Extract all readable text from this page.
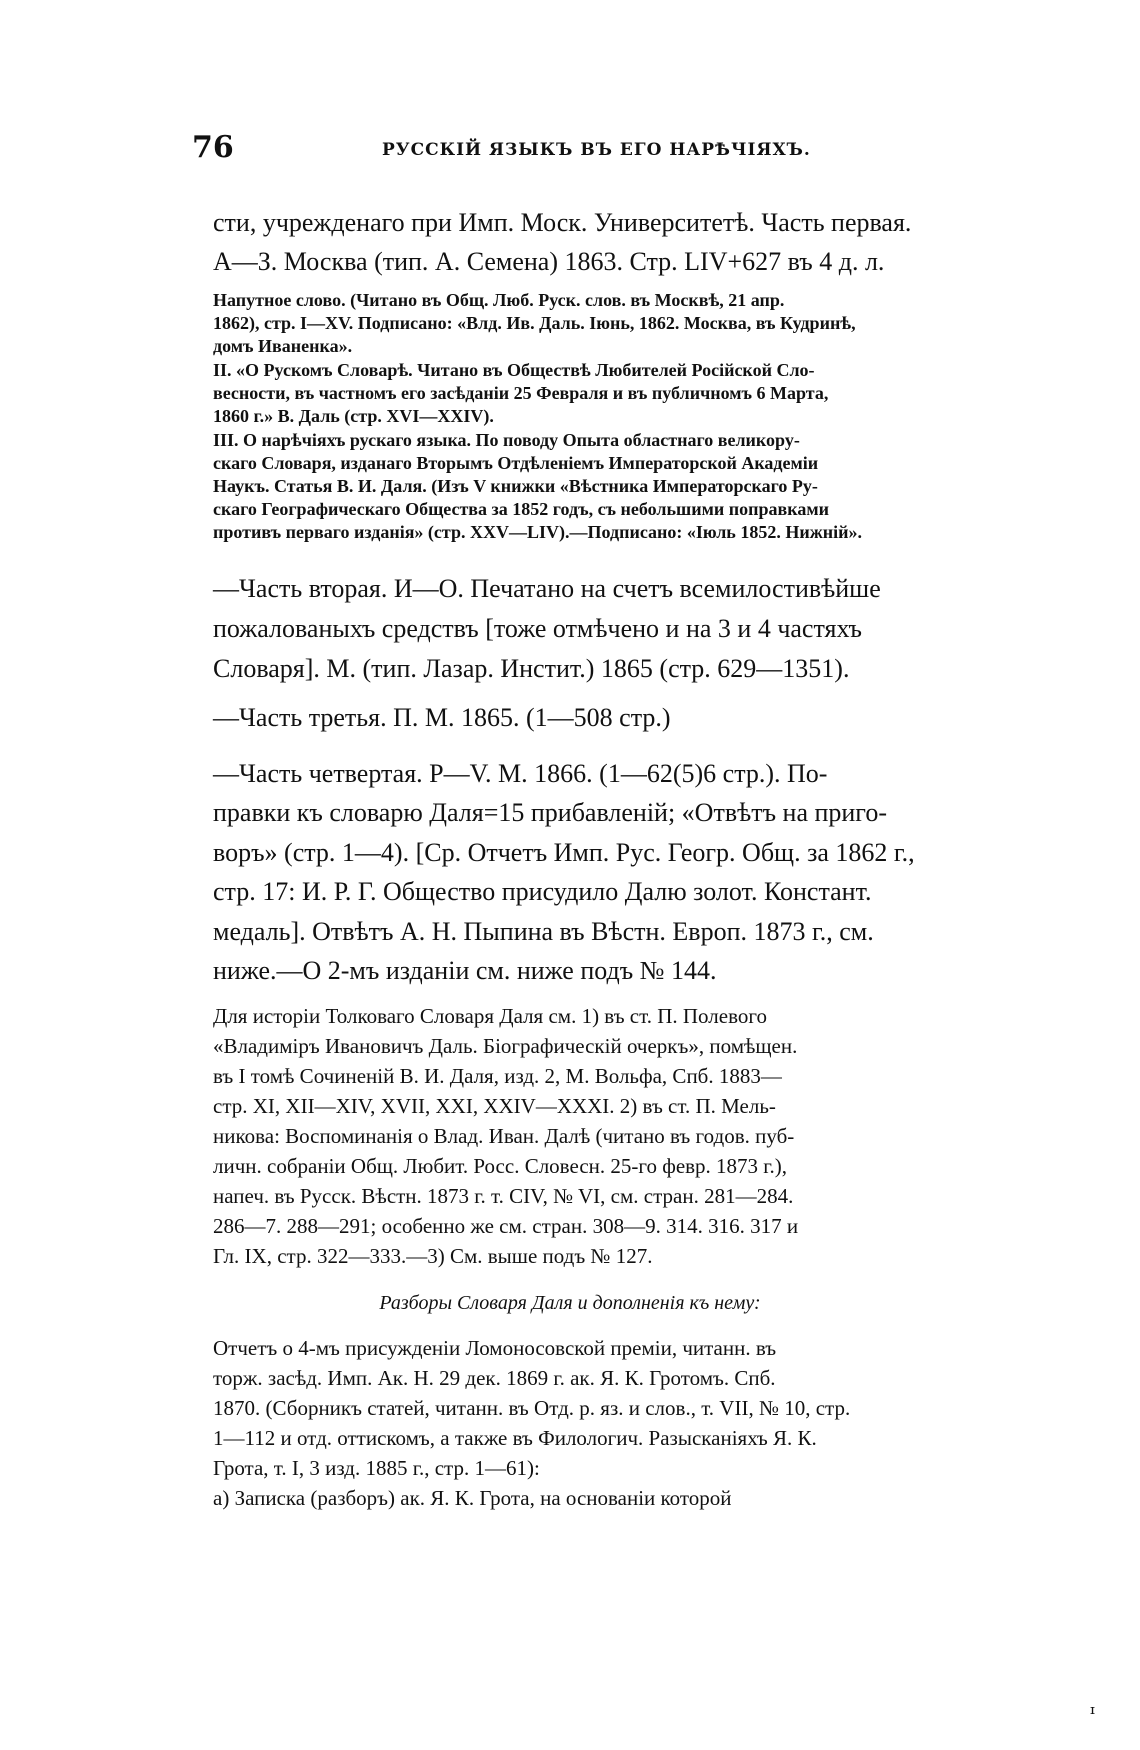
76	РУССКІЙ ЯЗЫКЪ ВЪ ЕГО НАРѢЧІЯХЪ.
сти, учрежденаго при Имп. Моск. Университетѣ. Часть первая.
А—З. Москва (тип. А. Семена) 1863. Стр. LIV+627 въ 4 д. л.
Напутное слово. (Читано въ Общ. Люб. Руск. слов. въ Москвѣ, 21 апр.
1862), стр. I—XV. Подписано: «Влд. Ив. Даль. Іюнь, 1862. Москва, въ Кудринѣ,
домъ Иваненка».
II. «О Рускомъ Словарѣ. Читано въ Обществѣ Любителей Російской Сло-
весности, въ частномъ его засѣданіи 25 Февраля и въ публичномъ 6 Марта,
1860 г.» В. Даль (стр. XVI—XXIV).
III. О нарѣчіяхъ рускаго языка. По поводу Опыта областнаго великору-
скаго Словаря, изданаго Вторымъ Отдѣленіемъ Императорской Академіи
Наукъ. Статья В. И. Даля. (Изъ V книжки «Вѣстника Императорскаго Ру-
скаго Географическаго Общества за 1852 годъ, съ небольшими поправками
противъ перваго изданія» (стр. XXV—LIV).—Подписано: «Іюль 1852. Нижній».
—Часть вторая. И—О. Печатано на счетъ всемилостивѣйше
пожалованыхъ средствъ [тоже отмѣчено и на 3 и 4 частяхъ
Словаря]. М. (тип. Лазар. Инстит.) 1865 (стр. 629—1351).
—Часть третья. П. М. 1865. (1—508 стр.)
—Часть четвертая. Р—V. М. 1866. (1—62(5)6 стр.). По-
правки къ словарю Даля=15 прибавленій; «Отвѣтъ на приго-
воръ» (стр. 1—4). [Ср. Отчетъ Имп. Рус. Геогр. Общ. за 1862 г.,
стр. 17: И. Р. Г. Общество присудило Далю золот. Констант.
медаль]. Отвѣтъ А. Н. Пыпина въ Вѣстн. Европ. 1873 г., см.
ниже.—О 2-мъ изданіи см. ниже подъ № 144.
Для исторіи Толковаго Словаря Даля см. 1) въ ст. П. Полевого
«Владиміръ Ивановичъ Даль. Біографическій очеркъ», помѣщен.
въ I томѣ Сочиненій В. И. Даля, изд. 2, М. Вольфа, Спб. 1883—
стр. XI, XII—XIV, XVII, XXI, XXIV—XXXI. 2) въ ст. П. Мель-
никова: Воспоминанія о Влад. Иван. Далѣ (читано въ годов. пуб-
личн. собраніи Общ. Любит. Росс. Словесн. 25-го февр. 1873 г.),
напеч. въ Русск. Вѣстн. 1873 г. т. CIV, № VI, см. стран. 281—284.
286—7. 288—291; особенно же см. стран. 308—9. 314. 316. 317 и
Гл. IX, стр. 322—333.—3) См. выше подъ № 127.
Разборы Словаря Даля и дополненія къ нему:
Отчетъ о 4-мъ присужденіи Ломоносовской премiи, читанн. въ
торж. засѣд. Имп. Ак. Н. 29 дек. 1869 г. ак. Я. К. Гротомъ. Спб.
1870. (Сборникъ статей, читанн. въ Отд. р. яз. и слов., т. VII, № 10, стр.
1—112 и отд. оттискомъ, а также въ Филологич. Разысканіяхъ Я. К.
Грота, т. I, 3 изд. 1885 г., стр. 1—61):
а) Записка (разборъ) ак. Я. К. Грота, на основаніи которой
ᶦ
